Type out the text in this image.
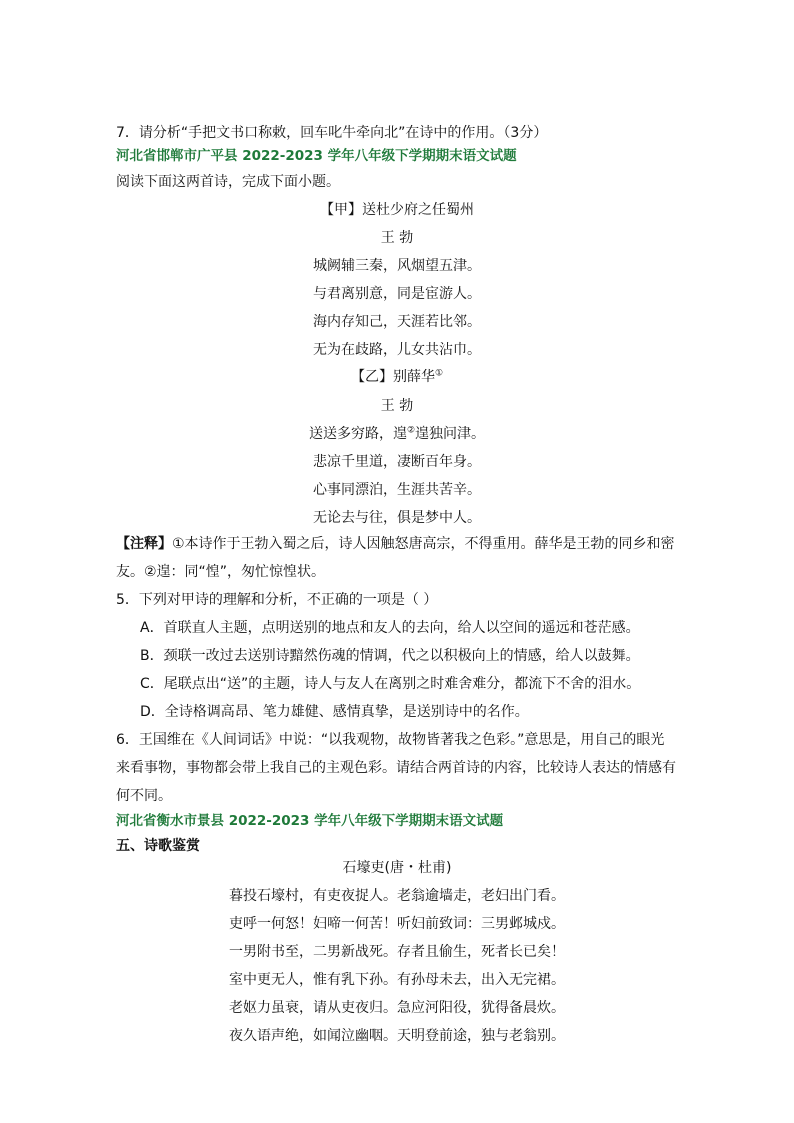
7．请分析“手把文书口称敕，回车叱牛牵向北”在诗中的作用。（3分）
河北省邯郸市广平县 2022-2023 学年八年级下学期期末语文试题
阅读下面这两首诗，完成下面小题。
【甲】送杜少府之任蜀州
王 勃
城阙辅三秦，风烟望五津。
与君离别意，同是宦游人。
海内存知己，天涯若比邻。
无为在歧路，儿女共沾巾。
【乙】别薛华①
王 勃
送送多穷路，遑②遑独问津。
悲凉千里道，凄断百年身。
心事同漂泊，生涯共苦辛。
无论去与往，俱是梦中人。
【注释】①本诗作于王勃入蜀之后，诗人因触怒唐高宗，不得重用。薛华是王勃的同乡和密
友。②遑：同“惶”，匆忙惊惶状。
5．下列对甲诗的理解和分析，不正确的一项是（ ）
A．首联直人主题，点明送别的地点和友人的去向，给人以空间的遥远和苍茫感。
B．颈联一改过去送别诗黯然伤魂的情调，代之以积极向上的情感，给人以鼓舞。
C．尾联点出“送”的主题，诗人与友人在离别之时难舍难分，都流下不舍的泪水。
D．全诗格调高昂、笔力雄健、感情真挚，是送别诗中的名作。
6．王国维在《人间词话》中说：“以我观物，故物皆著我之色彩。”意思是，用自己的眼光
来看事物，事物都会带上我自己的主观色彩。请结合两首诗的内容，比较诗人表达的情感有
何不同。
河北省衡水市景县 2022-2023 学年八年级下学期期末语文试题
五、诗歌鉴赏
石壕吏(唐・杜甫)
暮投石壕村，有吏夜捉人。老翁逾墙走，老妇出门看。
吏呼一何怒！妇啼一何苦！听妇前致词：三男邺城戍。
一男附书至，二男新战死。存者且偷生，死者长已矣！
室中更无人，惟有乳下孙。有孙母未去，出入无完裙。
老妪力虽衰，请从吏夜归。急应河阳役，犹得备晨炊。
夜久语声绝，如闻泣幽咽。天明登前途，独与老翁别。
